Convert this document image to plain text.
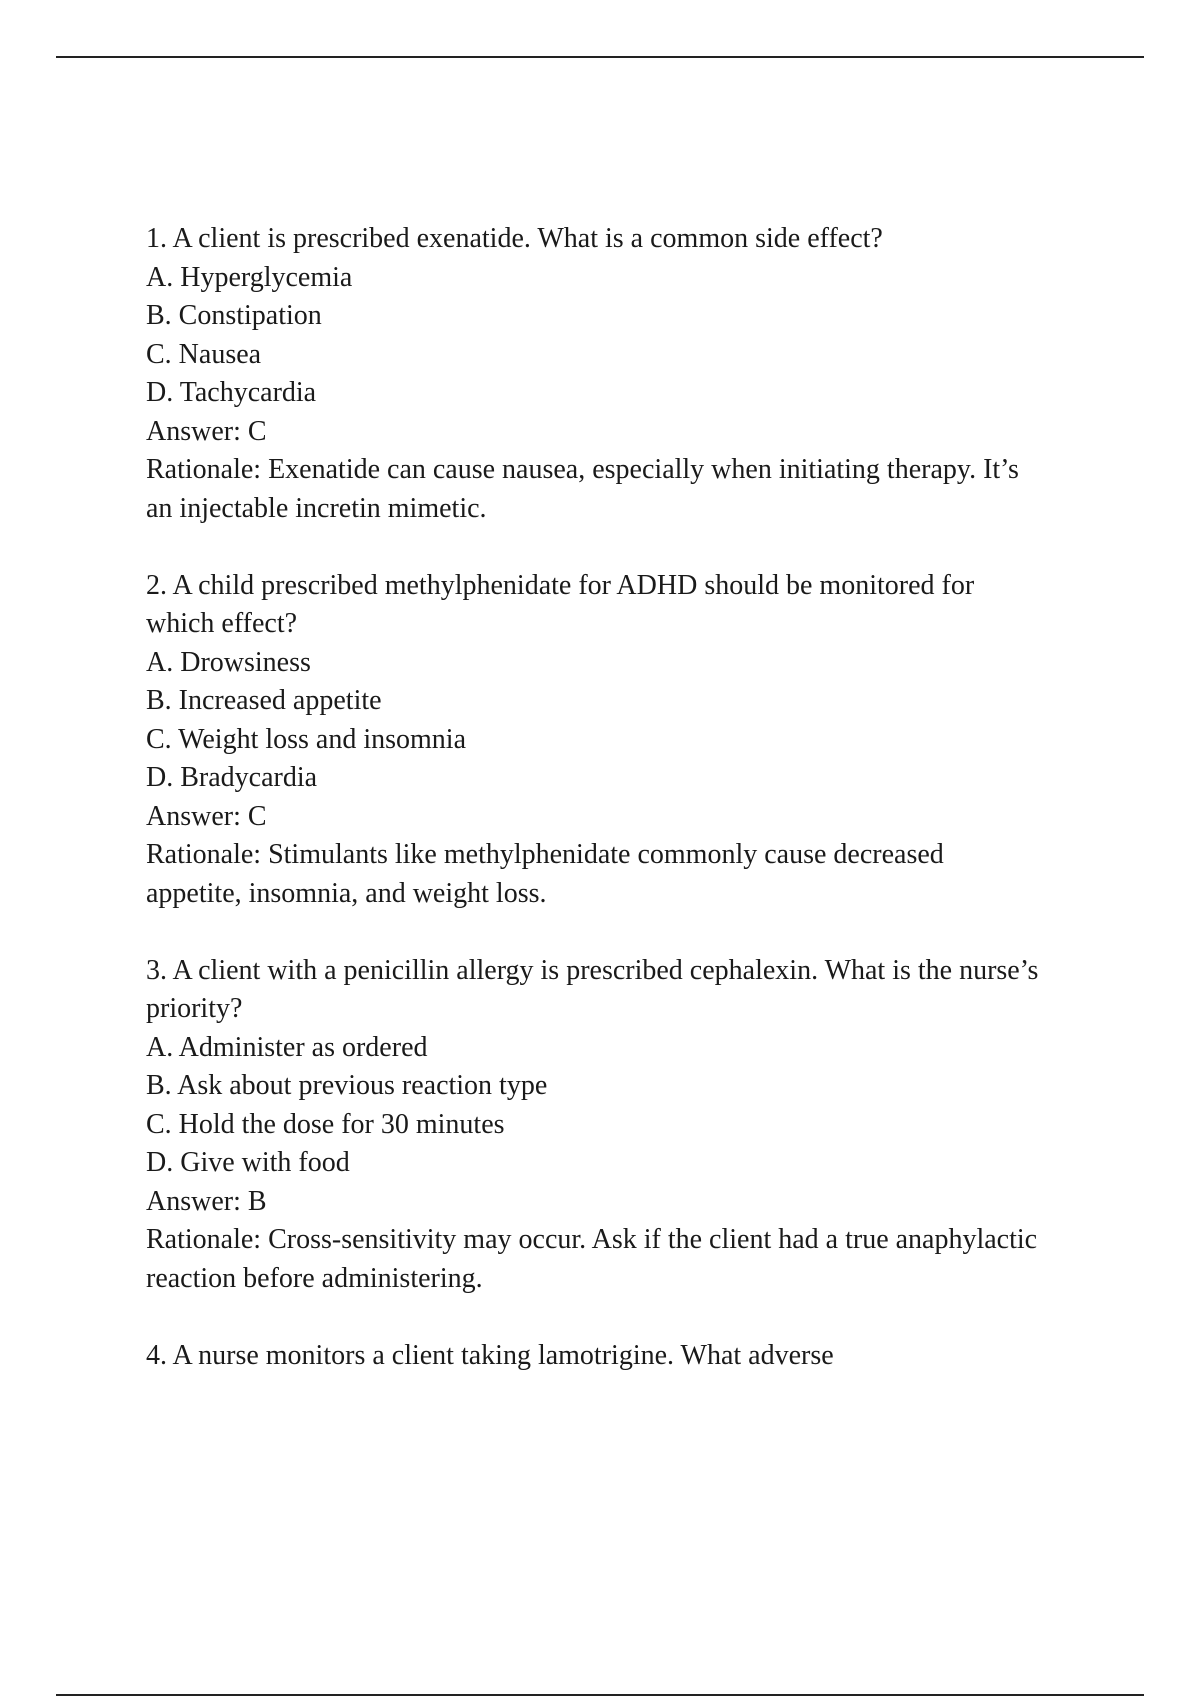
1. A client is prescribed exenatide. What is a common side effect?
A. Hyperglycemia
B. Constipation
C. Nausea
D. Tachycardia
Answer: C
Rationale: Exenatide can cause nausea, especially when initiating therapy. It’s an injectable incretin mimetic.
2. A child prescribed methylphenidate for ADHD should be monitored for which effect?
A. Drowsiness
B. Increased appetite
C. Weight loss and insomnia
D. Bradycardia
Answer: C
Rationale: Stimulants like methylphenidate commonly cause decreased appetite, insomnia, and weight loss.
3. A client with a penicillin allergy is prescribed cephalexin. What is the nurse’s priority?
A. Administer as ordered
B. Ask about previous reaction type
C. Hold the dose for 30 minutes
D. Give with food
Answer: B
Rationale: Cross-sensitivity may occur. Ask if the client had a true anaphylactic reaction before administering.
4. A nurse monitors a client taking lamotrigine. What adverse
